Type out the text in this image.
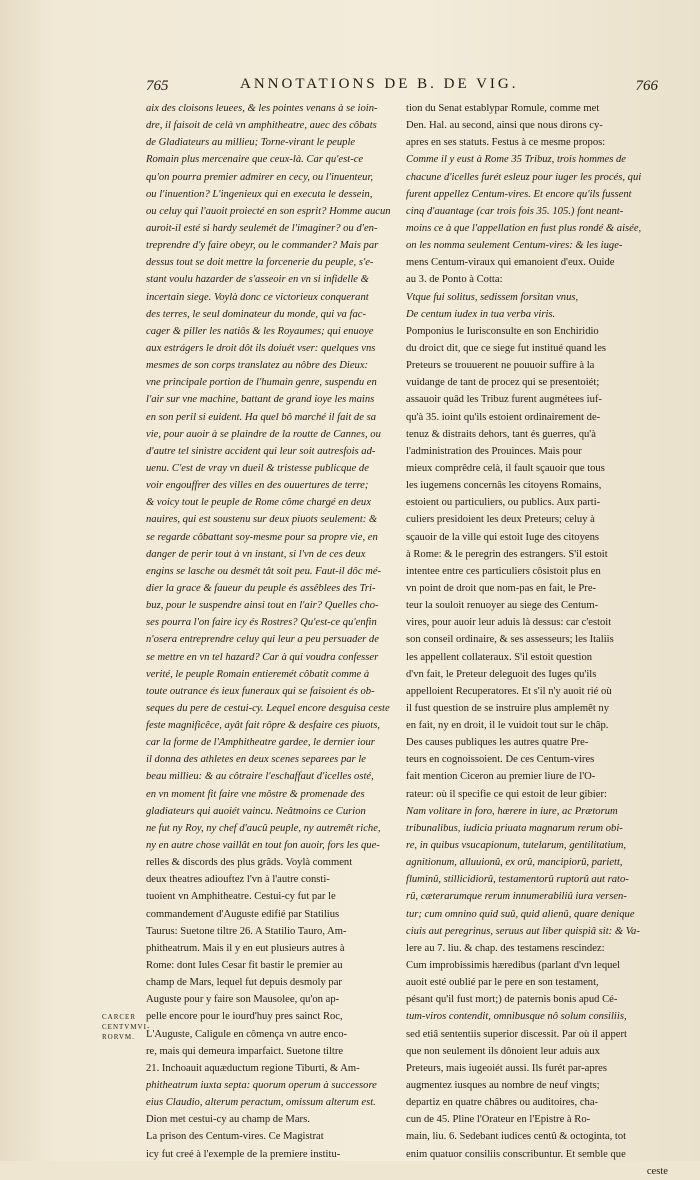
765	ANNOTATIONS DE B. DE VIG.	766
CARCER
CENTVMVI-
RORVM.
aix des cloisons leuees, & les pointes venans à se ioin-
dre, il faisoit de celà vn amphitheatre, auec des côbats
de Gladiateurs au millieu; Torne-virant le peuple
Romain plus mercenaire que ceux-là. Car qu'est-ce
qu'on pourra premier admirer en cecy, ou l'inuenteur,
ou l'inuention? L'ingenieux qui en executa le dessein,
ou celuy qui l'auoit proiecté en son esprit? Homme aucun
auroit-il esté si hardy seulemét de l'imaginer? ou d'en-
treprendre d'y faire obeyr, ou le commander? Mais par
dessus tout se doit mettre la forcenerie du peuple, s'e-
stant voulu hazarder de s'asseoir en vn si infidelle &
incertain siege. Voylà donc ce victorieux conquerant
des terres, le seul dominateur du monde, qui va fac-
cager & piller les natiôs & les Royaumes; qui enuoye
aux estrágers le droit dôt ils doiuét vser: quelques vns
mesmes de son corps translatez au nôbre des Dieux:
vne principale portion de l'humain genre, suspendu en
l'air sur vne machine, battant de grand ioye les mains
en son peril si euident. Ha quel bô marché il fait de sa
vie, pour auoir à se plaindre de la routte de Cannes, ou
d'autre tel sinistre accident qui leur soit autresfois ad-
uenu. C'est de vray vn dueil & tristesse publicque de
voir engouffrer des villes en des ouuertures de terre;
& voicy tout le peuple de Rome côme chargé en deux
nauires, qui est soustenu sur deux piuots seulement: &
se regarde côbattant soy-mesme pour sa propre vie, en
danger de perir tout à vn instant, si l'vn de ces deux
engins se lasche ou desmét tât soit peu. Faut-il dôc mé-
dier la grace & faueur du peuple és assêblees des Tri-
buz, pour le suspendre ainsi tout en l'air? Quelles cho-
ses pourra l'on faire icy és Rostres? Qu'est-ce qu'enfin
n'osera entreprendre celuy qui leur a peu persuader de
se mettre en vn tel hazard? Car à qui voudra confesser
verité, le peuple Romain entieremét côbatit comme à
toute outrance és ieux funeraux qui se faisoient és ob-
seques du pere de cestui-cy. Lequel encore desguisa ceste
feste magnificêce, ayât fait rôpre & desfaire ces piuots,
car la forme de l'Amphitheatre gardee, le dernier iour
il donna des athletes en deux scenes separees par le
beau millieu: & au côtraire l'eschaffaut d'icelles osté,
en vn moment fit faire vne môstre & promenade des
gladiateurs qui auoiét vaincu. Neâtmoins ce Curion
ne fut ny Roy, ny chef d'aucû peuple, ny autremêt riche,
ny en autre chose vaillât en tout fon auoir, fors les que-
relles & discords des plus grâds. Voylà comment
deux theatres adiouftez l'vn à l'autre consti-
tuoient vn Amphitheatre. Cestui-cy fut par le
commandement d'Auguste edifié par Statilius
Taurus: Suetone tiltre 26. A Statilio Tauro, Am-
phitheatrum. Mais il y en eut plusieurs autres à
Rome: dont Iules Cesar fit bastir le premier au
champ de Mars, lequel fut depuis desmoly par
Auguste pour y faire son Mausolee, qu'on ap-
pelle encore pour le iourd'huy pres sainct Roc,
L'Auguste, Caligule en cômença vn autre enco-
re, mais qui demeura imparfaict. Suetone tiltre
21. Inchoauit aquæductum regione Tiburti, & Am-
phitheatrum iuxta septa: quorum operum à successore
eius Claudio, alterum peractum, omissum alterum est.
Dion met cestui-cy au champ de Mars.
La prison des Centum-vires. Ce Magistrat
icy fut creé à l'exemple de la premiere institu-
tion du Senat establypar Romule, comme met
Den. Hal. au second, ainsi que nous dirons cy-
apres en ses statuts. Festus à ce mesme propos:
Comme il y eust à Rome 35 Tribuz, trois hommes de
chacune d'icelles furét esleuz pour iuger les procés, qui
furent appellez Centum-vires. Et encore qu'ils fussent
cinq d'auantage (car trois fois 35. 105.) font neant-
moins ce à que l'appellation en fust plus rondé & aisée,
on les nomma seulement Centum-vires: & les iuge-
mens Centum-viraux qui emanoient d'eux. Ouide
au 3. de Ponto à Cotta:
Vtque fui solitus, sedissem forsitan vnus,
De centum iudex in tua verba viris.
Pomponius le Iurisconsulte en son Enchiridio
du droict dit, que ce siege fut institué quand les
Preteurs se trouuerent ne pouuoir suffire à la
vuidange de tant de procez qui se presentoiét;
assauoir quâd les Tribuz furent augmétees iuf-
qu'à 35. ioint qu'ils estoient ordinairement de-
tenuz & distraits dehors, tant és guerres, qu'à
l'administration des Prouinces. Mais pour
mieux comprêdre celà, il fault sçauoir que tous
les iugemens concernâs les citoyens Romains,
estoient ou particuliers, ou publics. Aux parti-
culiers presidoient les deux Preteurs; celuy à
sçauoir de la ville qui estoit Iuge des citoyens
à Rome: & le peregrin des estrangers. S'il estoit
intentee entre ces particuliers côsistoit plus en
vn point de droit que nom-pas en fait, le Pre-
teur la souloit renuoyer au siege des Centum-
vires, pour auoir leur aduis là dessus: car c'estoit
son conseil ordinaire, & ses assesseurs; les Italiis
les appellent collateraux. S'il estoit question
d'vn fait, le Preteur deleguoit des Iuges qu'ils
appelloient Recuperatores. Et s'il n'y auoit rié où
il fust question de se instruire plus amplemêt ny
en fait, ny en droit, il le vuidoit tout sur le châp.
Des causes publiques les autres quatre Pre-
teurs en cognoissoient. De ces Centum-vires
fait mention Ciceron au premier liure de l'O-
rateur: où il specifie ce qui estoit de leur gibier:
Nam volitare in foro, hærere in iure, ac Prætorum
tribunalibus, iudicia priuata magnarum rerum obi-
re, in quibus vsucapionum, tutelarum, gentilitatium,
agnitionum, alluuionû, ex orû, mancipiorû, pariett,
fluminû, stillicidiorû, testamentorû ruptorû aut rato-
rû, cæterarumque rerum innumerabiliû iura versen-
tur; cum omnino quid suû, quid alienû, quare denique
ciuis aut peregrinus, seruus aut liber quispiâ sit: & Va-
lere au 7. liu. & chap. des testamens rescindez:
Cum improbissimis hæredibus (parlant d'vn lequel
auoit esté oublié par le pere en son testament,
pésant qu'il fust mort;) de paternis bonis apud Cé-
tum-viros contendit, omnibusque nô solum consiliis,
sed etiâ sententiis superior discessit. Par où il appert
que non seulement ils dônoient leur aduis aux
Preteurs, mais iugeoiét aussi. Ils furét par-apres
augmentez iusques au nombre de neuf vingts;
departiz en quatre châbres ou auditoires, cha-
cun de 45. Pline l'Orateur en l'Epistre à Ro-
main, liu. 6. Sedebant iudices centû & octoginta, tot
enim quatuor consiliis conscribuntur. Et semble que
ceste
